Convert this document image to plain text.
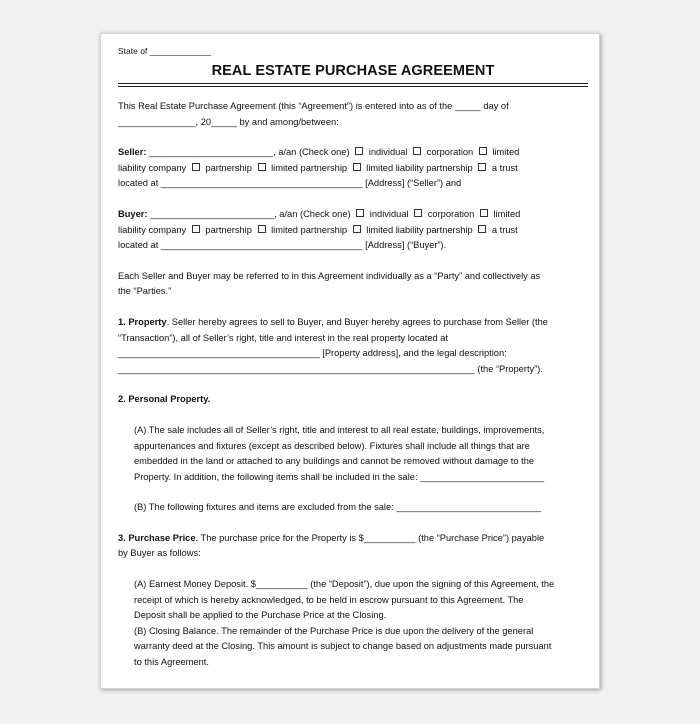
State of _____________
REAL ESTATE PURCHASE AGREEMENT

This Real Estate Purchase Agreement (this “Agreement”) is entered into as of the _____ day of

_______________, 20_____ by and among/between:

Seller: ________________________, a/an (Check one)  individual corporation limited

liability company partnership limited partnership limited liability partnership a trust

located at _______________________________________ [Address] (“Seller”) and

Buyer: ________________________, a/an (Check one)  individual corporation limited

liability company partnership limited partnership limited liability partnership a trust

located at _______________________________________ [Address] (“Buyer”).

Each Seller and Buyer may be referred to in this Agreement individually as a “Party” and collectively as

the “Parties.”

1. Property. Seller hereby agrees to sell to Buyer, and Buyer hereby agrees to purchase from Seller (the

“Transaction”), all of Seller’s right, title and interest in the real property located at

_______________________________________ [Property address], and the legal description:

_____________________________________________________________________ (the “Property”).

2. Personal Property.

(A) The sale includes all of Seller’s right, title and interest to all real estate, buildings, improvements,

appurtenances and fixtures (except as described below). Fixtures shall include all things that are

embedded in the land or attached to any buildings and cannot be removed without damage to the

Property. In addition, the following items shall be included in the sale: ________________________

(B) The following fixtures and items are excluded from the sale: ____________________________

3. Purchase Price. The purchase price for the Property is $__________ (the “Purchase Price”) payable

by Buyer as follows:

(A) Earnest Money Deposit. $__________ (the “Deposit”), due upon the signing of this Agreement, the

receipt of which is hereby acknowledged, to be held in escrow pursuant to this Agreement. The

Deposit shall be applied to the Purchase Price at the Closing.

(B) Closing Balance. The remainder of the Purchase Price is due upon the delivery of the general

warranty deed at the Closing. This amount is subject to change based on adjustments made pursuant

to this Agreement.
